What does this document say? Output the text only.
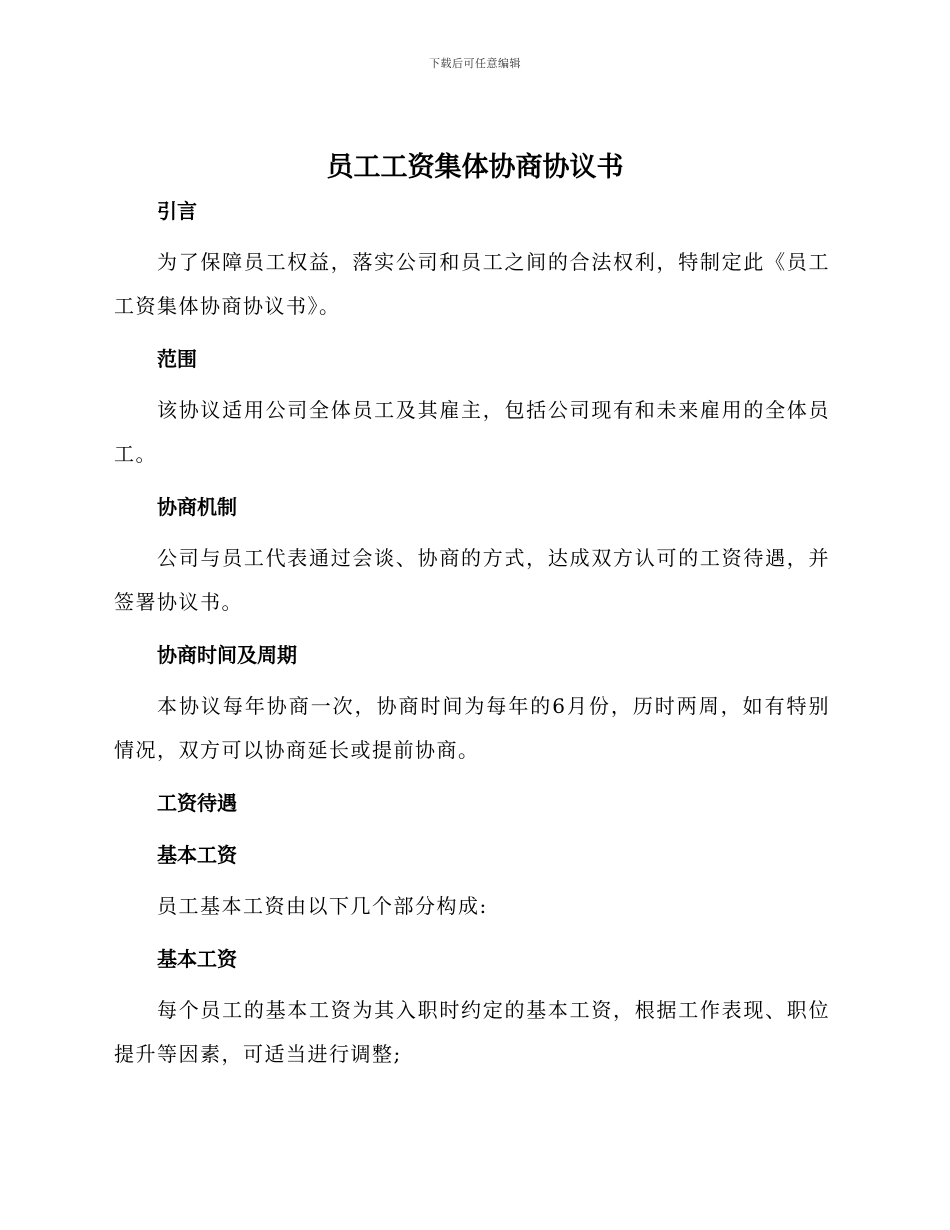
下载后可任意编辑
员工工资集体协商协议书
引言

为了保障员工权益，落实公司和员工之间的合法权利，特制定此《员工工资集体协商协议书》。

范围

该协议适用公司全体员工及其雇主，包括公司现有和未来雇用的全体员工。

协商机制

公司与员工代表通过会谈、协商的方式，达成双方认可的工资待遇，并签署协议书。

协商时间及周期

本协议每年协商一次，协商时间为每年的6月份，历时两周，如有特别情况，双方可以协商延长或提前协商。

工资待遇
基本工资

员工基本工资由以下几个部分构成:

基本工资

每个员工的基本工资为其入职时约定的基本工资，根据工作表现、职位提升等因素，可适当进行调整;
